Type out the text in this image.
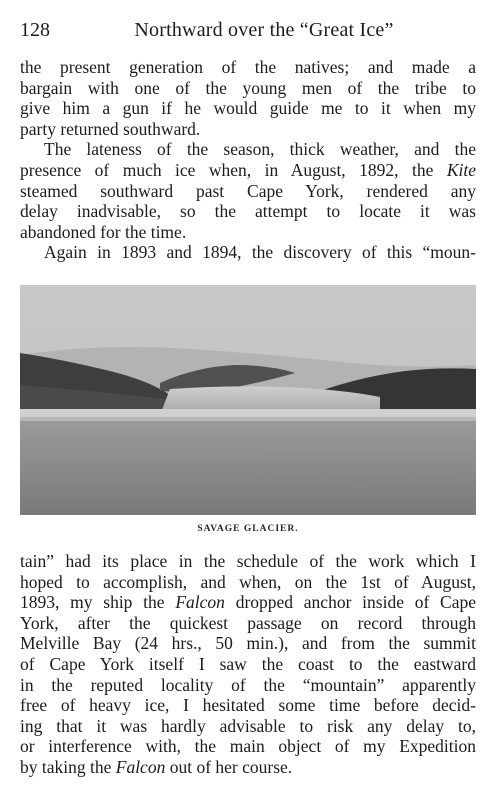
128	Northward over the “Great Ice”
the present generation of the natives; and made a
bargain with one of the young men of the tribe to
give him a gun if he would guide me to it when my
party returned southward.
The lateness of the season, thick weather, and the
presence of much ice when, in August, 1892, the Kite
steamed southward past Cape York, rendered any
delay inadvisable, so the attempt to locate it was
abandoned for the time.
Again in 1893 and 1894, the discovery of this “moun-
SAVAGE GLACIER.
tain” had its place in the schedule of the work which I
hoped to accomplish, and when, on the 1st of August,
1893, my ship the Falcon dropped anchor inside of Cape
York, after the quickest passage on record through
Melville Bay (24 hrs., 50 min.), and from the summit
of Cape York itself I saw the coast to the eastward
in the reputed locality of the “mountain” apparently
free of heavy ice, I hesitated some time before decid-
ing that it was hardly advisable to risk any delay to,
or interference with, the main object of my Expedition
by taking the Falcon out of her course.
